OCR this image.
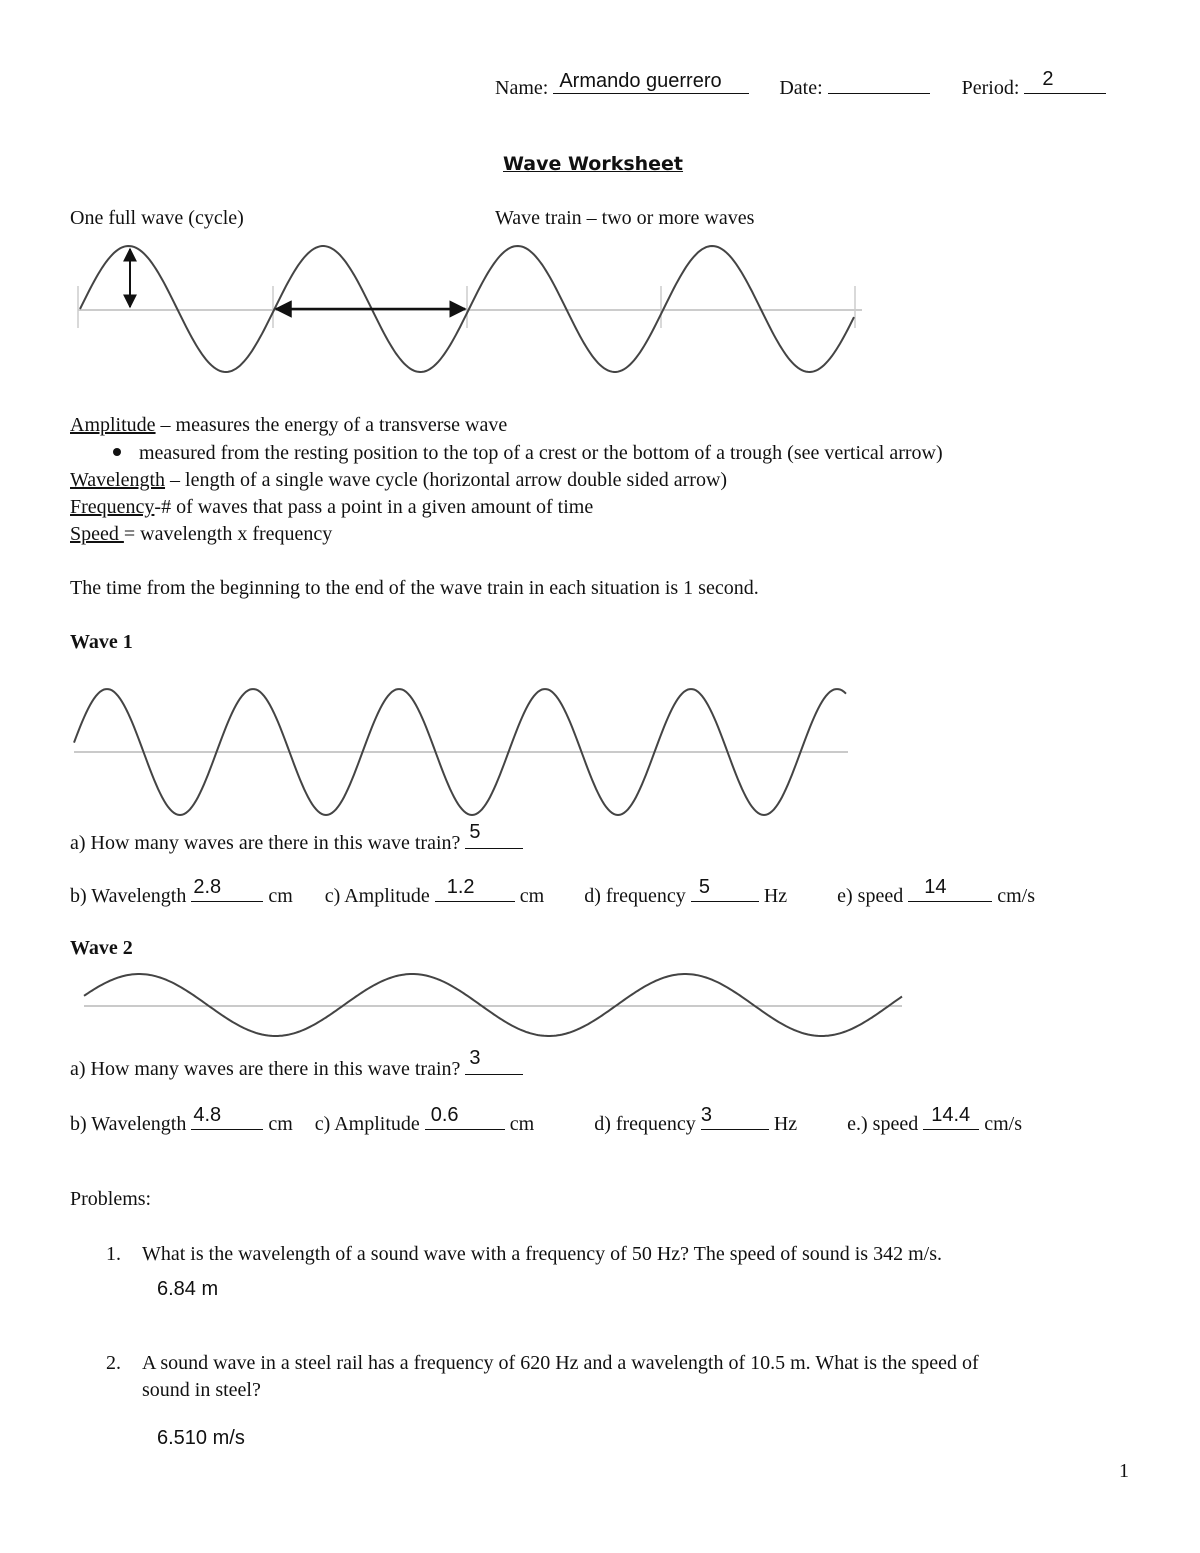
Name: Armando guerrero	Date:	Period: 2
Wave Worksheet
One full wave (cycle)	Wave train – two or more waves
Amplitude – measures the energy of a transverse wave
measured from the resting position to the top of a crest or the bottom of a trough (see vertical arrow)
Wavelength – length of a single wave cycle (horizontal arrow double sided arrow)
Frequency-# of waves that pass a point in a given amount of time
Speed = wavelength x frequency
The time from the beginning to the end of the wave train in each situation is 1 second.
Wave 1
a) How many waves are there in this wave train? 5
b) Wavelength 2.8 cm c) Amplitude 1.2 cm d) frequency 5	Hz	e) speed 14	cm/s
Wave 2
a) How many waves are there in this wave train? 3
b) Wavelength 4.8 cm c) Amplitude 0.6	cm	d) frequency 3	Hz	e.) speed 14.4 cm/s
Problems:
1. What is the wavelength of a sound wave with a frequency of 50 Hz? The speed of sound is 342 m/s.
6.84 m
2. A sound wave in a steel rail has a frequency of 620 Hz and a wavelength of 10.5 m. What is the speed of
sound in steel?
6.510 m/s
1
